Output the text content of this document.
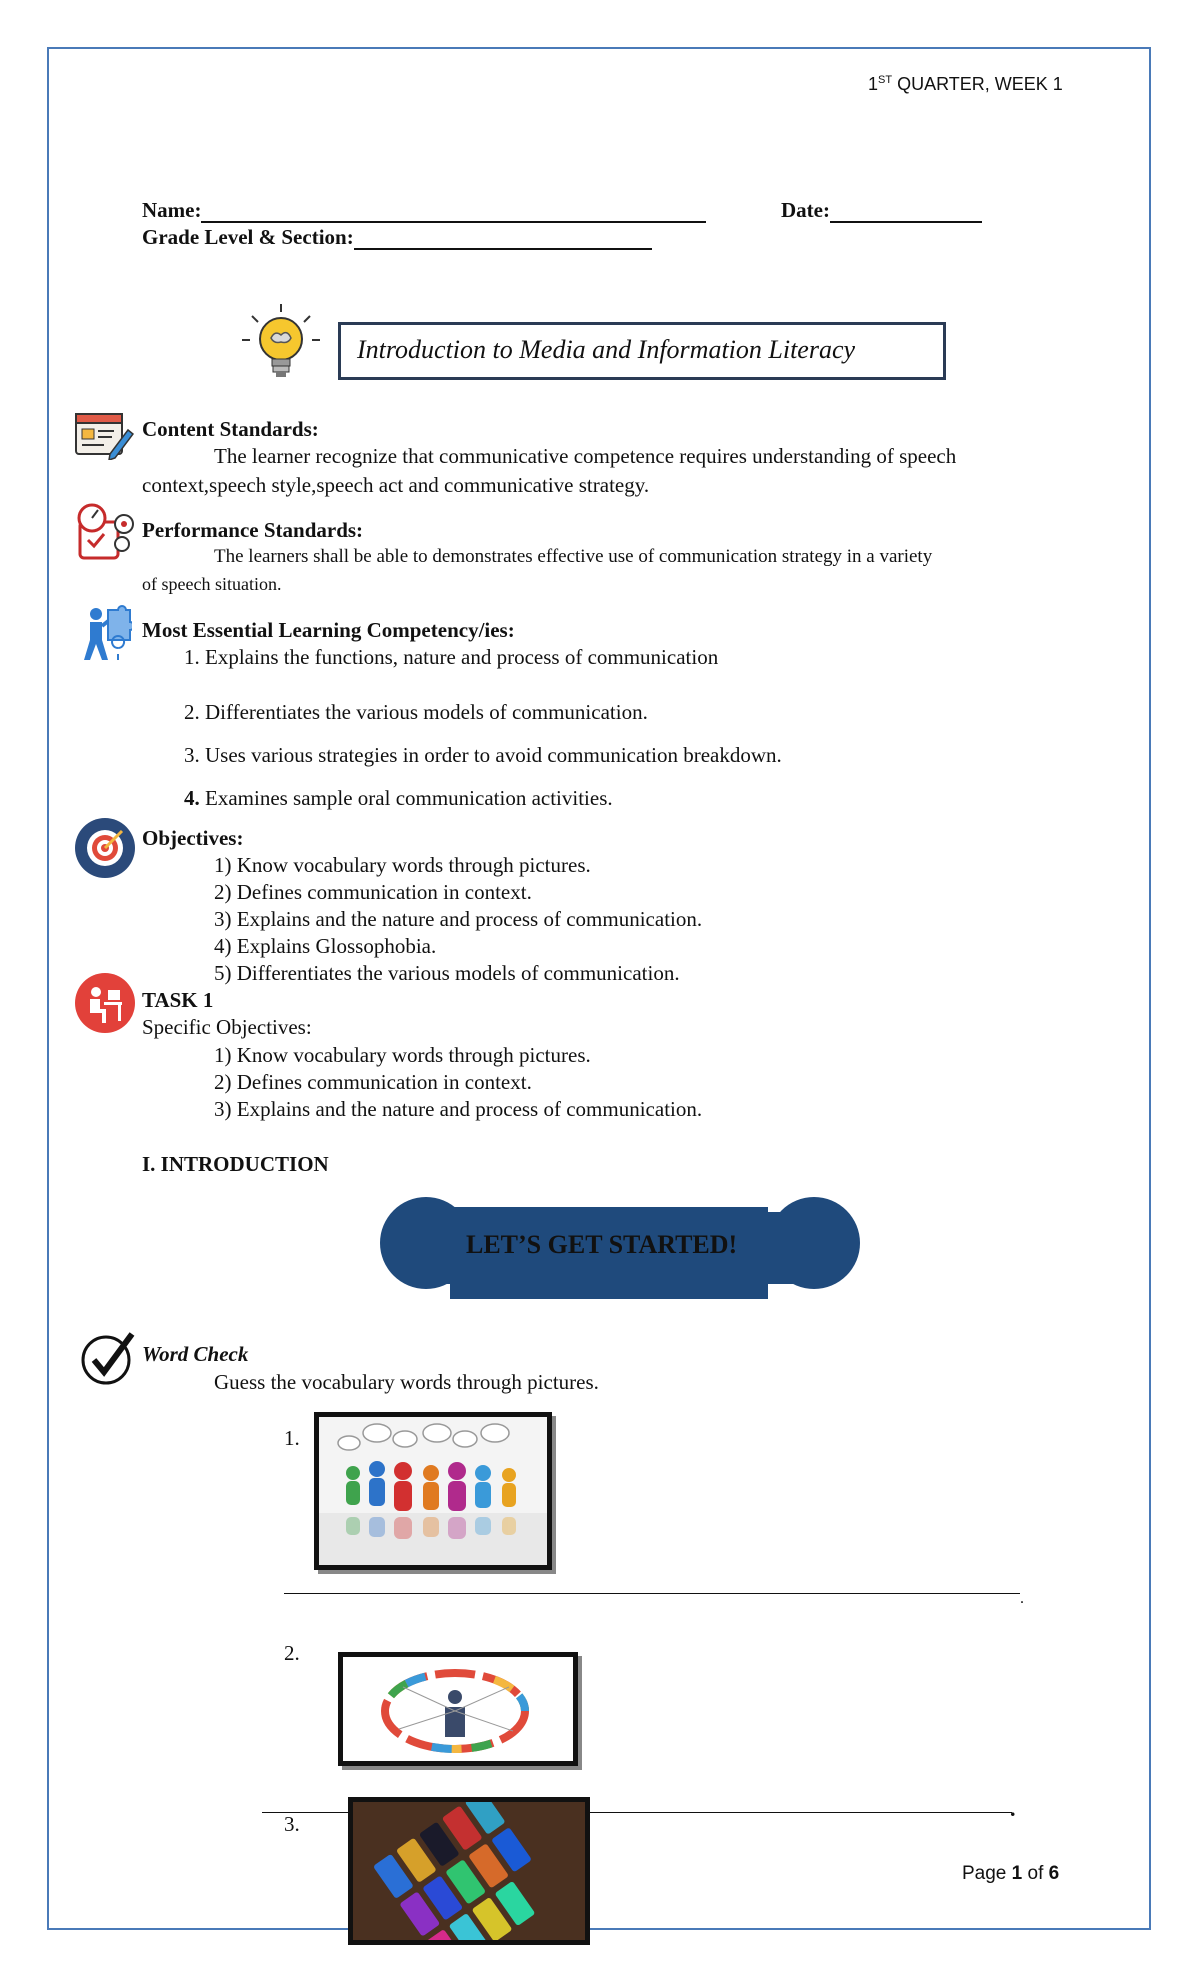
1ST QUARTER, WEEK 1
Name:	Date:
Grade Level & Section:
Introduction to Media and Information Literacy
Content Standards:
The learner recognize that communicative competence requires understanding of speech
context,speech style,speech act and communicative strategy.
Performance Standards:
The learners shall be able to demonstrates effective use of communication strategy in a variety
of speech situation.
Most Essential Learning Competency/ies:
1. Explains the functions, nature and process of communication
2. Differentiates the various models of communication.
3. Uses various strategies in order to avoid communication breakdown.
4. Examines sample oral communication activities.
Objectives:
1) Know vocabulary words through pictures.
2) Defines communication in context.
3) Explains and the nature and process of communication.
4) Explains Glossophobia.
5) Differentiates the various models of communication.
TASK 1
Specific Objectives:
1) Know vocabulary words through pictures.
2) Defines communication in context.
3) Explains and the nature and process of communication.
I. INTRODUCTION
LET’S GET STARTED!
Word Check
Guess the vocabulary words through pictures.
1.
.
2.
.
3.
Page 1 of 6
